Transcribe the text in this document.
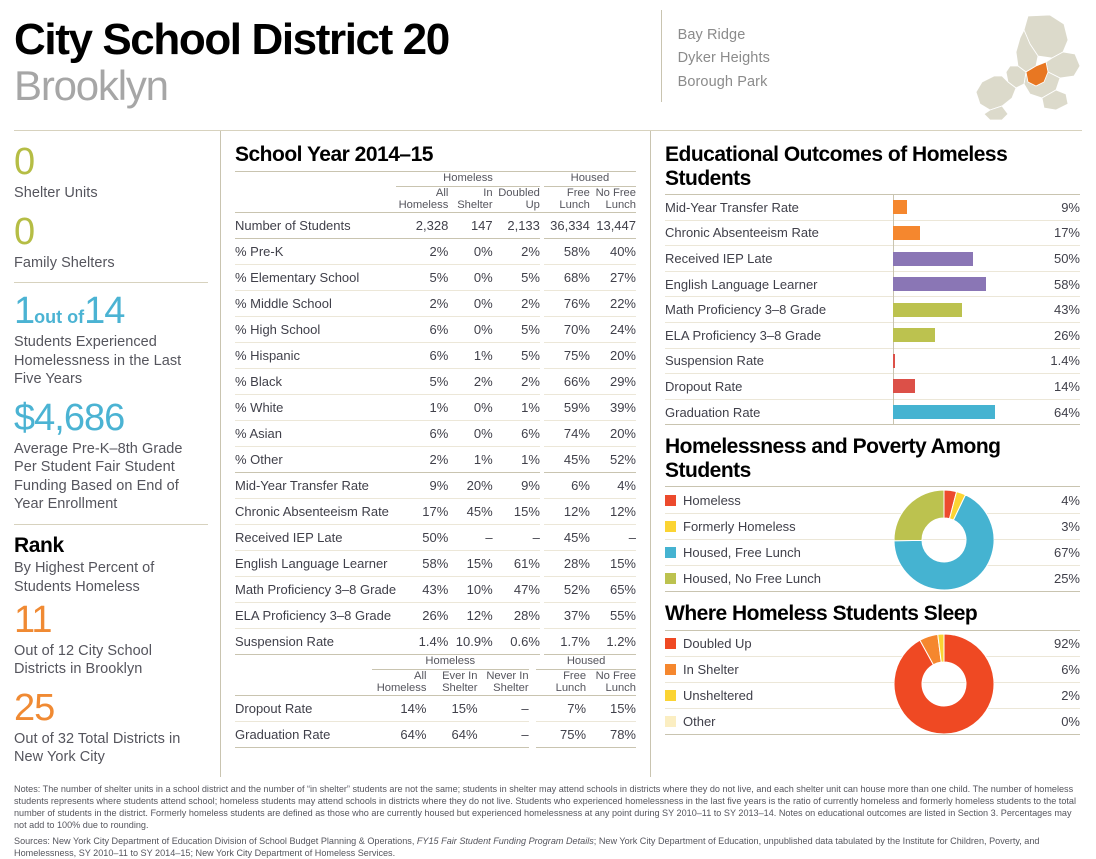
City School District 20
Brooklyn
Bay Ridge
Dyker Heights
Borough Park
0
Shelter Units
0
Family Shelters
1out of14
Students Experienced Homelessness in the Last Five Years
$4,686
Average Pre-K–8th Grade Per Student Fair Student Funding Based on End of Year Enrollment
Rank
By Highest Percent of Students Homeless
11
Out of 12 City School Districts in Brooklyn
25
Out of 32 Total Districts in New York City
School Year 2014–15
	Homeless				Housed	
	All Homeless	In Shelter	Doubled Up		Free Lunch	No Free Lunch
Number of Students	2,328	147	2,133		36,334	13,447
% Pre-K	2%	0%	2%		58%	40%
% Elementary School	5%	0%	5%		68%	27%
% Middle School	2%	0%	2%		76%	22%
% High School	6%	0%	5%		70%	24%
% Hispanic	6%	1%	5%		75%	20%
% Black	5%	2%	2%		66%	29%
% White	1%	0%	1%		59%	39%
% Asian	6%	0%	6%		74%	20%
% Other	2%	1%	1%		45%	52%
Mid-Year Transfer Rate	9%	20%	9%		6%	4%
Chronic Absenteeism Rate	17%	45%	15%		12%	12%
Received IEP Late	50%	–	–		45%	–
English Language Learner	58%	15%	61%		28%	15%
Math Proficiency 3–8 Grade	43%	10%	47%		52%	65%
ELA Proficiency 3–8 Grade	26%	12%	28%		37%	55%
Suspension Rate	1.4%	10.9%	0.6%		1.7%	1.2%
	Homeless				Housed	
	All Homeless	Ever In Shelter	Never In Shelter		Free Lunch	No Free Lunch
Dropout Rate	14%	15%	–		7%	15%
Graduation Rate	64%	64%	–		75%	78%
Educational Outcomes of Homeless Students
Mid-Year Transfer Rate	9%
Chronic Absenteeism Rate	17%
Received IEP Late	50%
English Language Learner	58%
Math Proficiency 3–8 Grade	43%
ELA Proficiency 3–8 Grade	26%
Suspension Rate	1.4%
Dropout Rate	14%
Graduation Rate	64%
Homelessness and Poverty Among Students
Homeless	4%
Formerly Homeless	3%
Housed, Free Lunch	67%
Housed, No Free Lunch	25%
Where Homeless Students Sleep
Doubled Up	92%
In Shelter	6%
Unsheltered	2%
Other	0%

Notes: The number of shelter units in a school district and the number of “in shelter” students are not the same; students in shelter may attend schools in districts where they do not live, and each shelter unit can house more than one child. The number of homeless students represents where students attend school; homeless students may attend schools in districts where they do not live. Students who experienced homelessness in the last five years is the ratio of currently homeless and formerly homeless students to the total number of students in the district. Formerly homeless students are defined as those who are currently housed but experienced homelessness at any point during SY 2010–11 to SY 2013–14. Notes on educational outcomes are listed in Section 3. Percentages may not add to 100% due to rounding.

Sources: New York City Department of Education Division of School Budget Planning & Operations, FY15 Fair Student Funding Program Details; New York City Department of Education, unpublished data tabulated by the Institute for Children, Poverty, and Homelessness, SY 2010–11 to SY 2014–15; New York City Department of Homeless Services.
